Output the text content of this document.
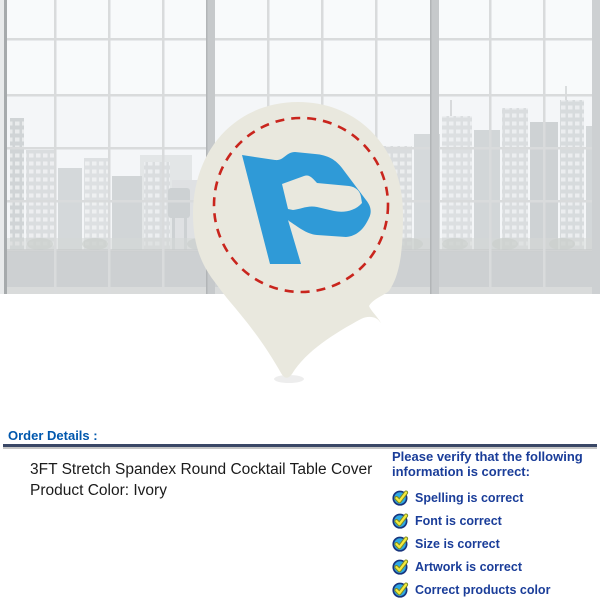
Order Details :
3FT Stretch Spandex Round Cocktail Table Cover
Product Color: Ivory
Please verify that the following
information is correct:
Spelling is correct
Font is correct
Size is correct
Artwork is correct
Correct products color
